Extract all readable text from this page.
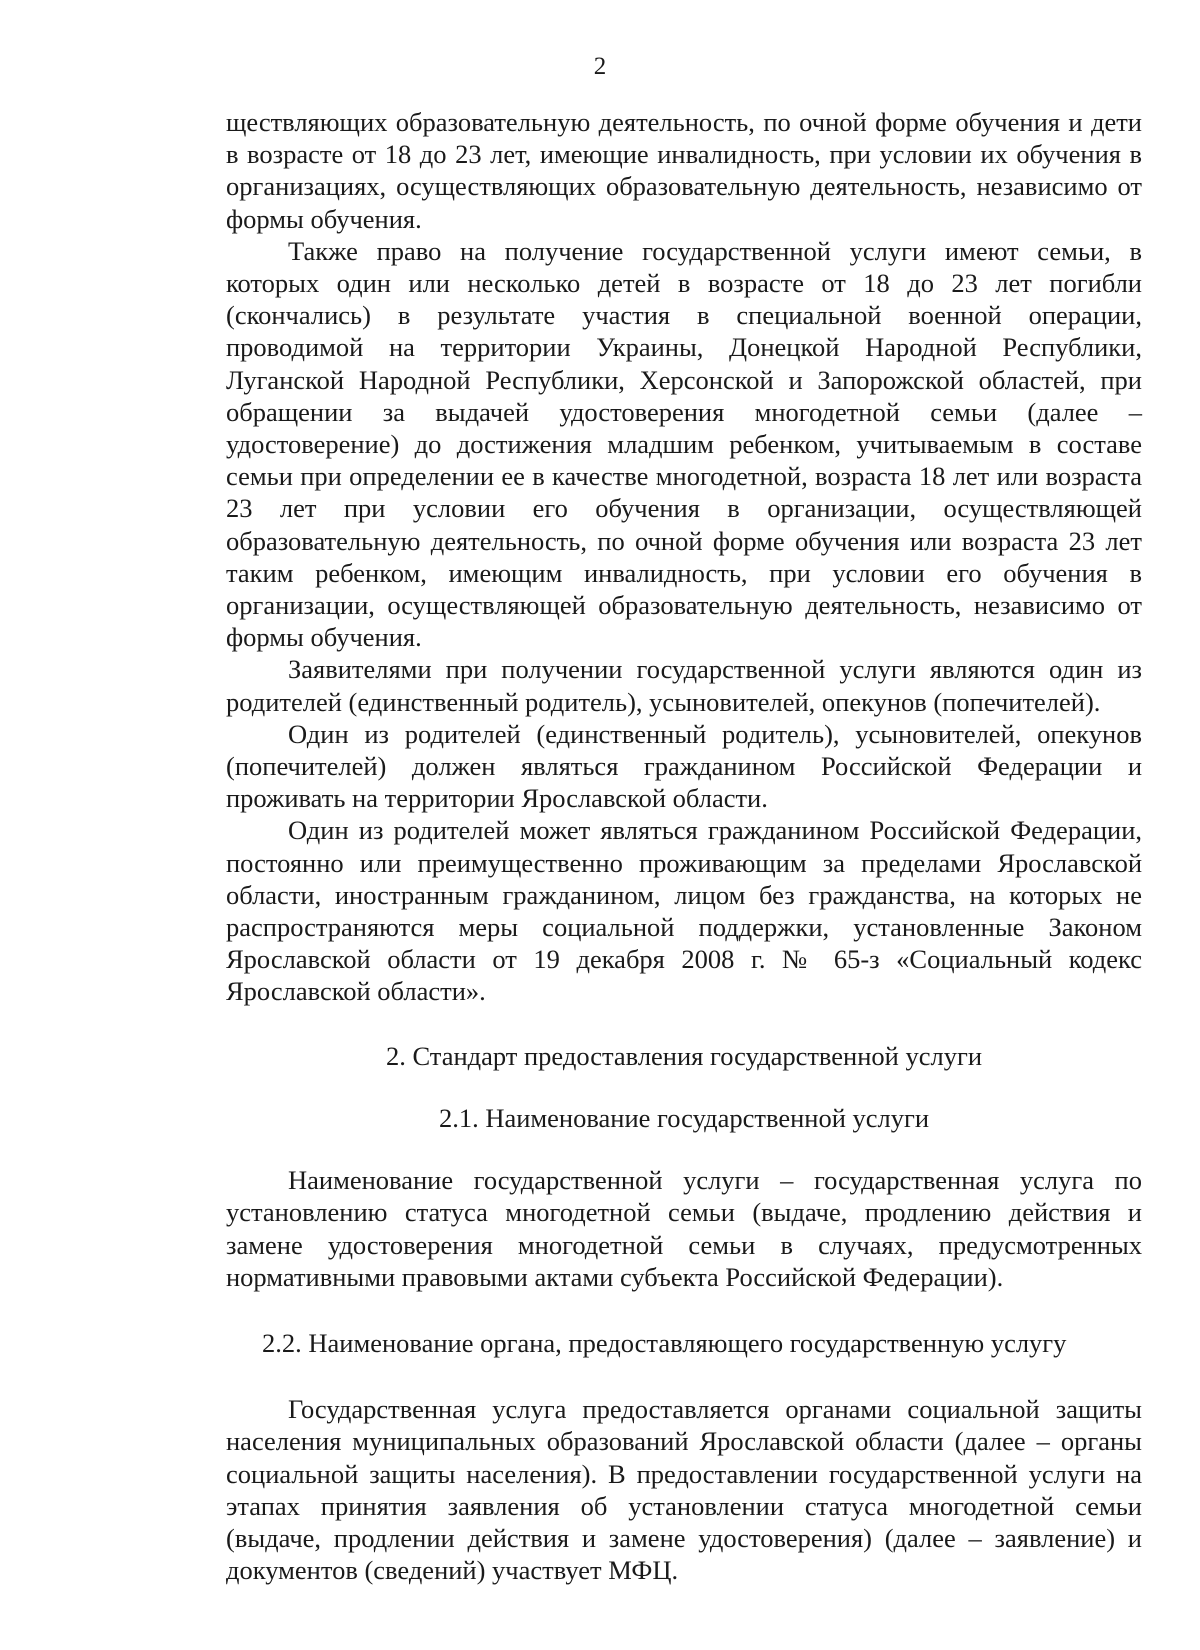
2

ществляющих образовательную деятельность, по очной форме обучения и дети в возрасте от 18 до 23 лет, имеющие инвалидность, при условии их обучения в организациях, осуществляющих образовательную деятельность, независимо от формы обучения.

Также право на получение государственной услуги имеют семьи, в которых один или несколько детей в возрасте от 18 до 23 лет погибли (скончались) в результате участия в специальной военной операции, проводимой на территории Украины, Донецкой Народной Республики, Луганской Народной Республики, Херсонской и Запорожской областей, при обращении за выдачей удостоверения многодетной семьи (далее – удостоверение) до достижения младшим ребенком, учитываемым в составе семьи при определении ее в качестве многодетной, возраста 18 лет или возраста 23 лет при условии его обучения в организации, осуществляющей образовательную деятельность, по очной форме обучения или возраста 23 лет таким ребенком, имеющим инвалидность, при условии его обучения в организации, осуществляющей образовательную деятельность, независимо от формы обучения.

Заявителями при получении государственной услуги являются один из родителей (единственный родитель), усыновителей, опекунов (попечителей).

Один из родителей (единственный родитель), усыновителей, опекунов (попечителей) должен являться гражданином Российской Федерации и проживать на территории Ярославской области.

Один из родителей может являться гражданином Российской Федерации, постоянно или преимущественно проживающим за пределами Ярославской области, иностранным гражданином, лицом без гражданства, на которых не распространяются меры социальной поддержки, установленные Законом Ярославской области от 19 декабря 2008 г. № 65-з «Социальный кодекс Ярославской области».

2. Стандарт предоставления государственной услуги
2.1. Наименование государственной услуги

Наименование государственной услуги – государственная услуга по установлению статуса многодетной семьи (выдаче, продлению действия и замене удостоверения многодетной семьи в случаях, предусмотренных нормативными правовыми актами субъекта Российской Федерации).

2.2. Наименование органа, предоставляющего государственную услугу

Государственная услуга предоставляется органами социальной защиты населения муниципальных образований Ярославской области (далее – органы социальной защиты населения). В предоставлении государственной услуги на этапах принятия заявления об установлении статуса многодетной семьи (выдаче, продлении действия и замене удостоверения) (далее – заявление) и документов (сведений) участвует МФЦ.
